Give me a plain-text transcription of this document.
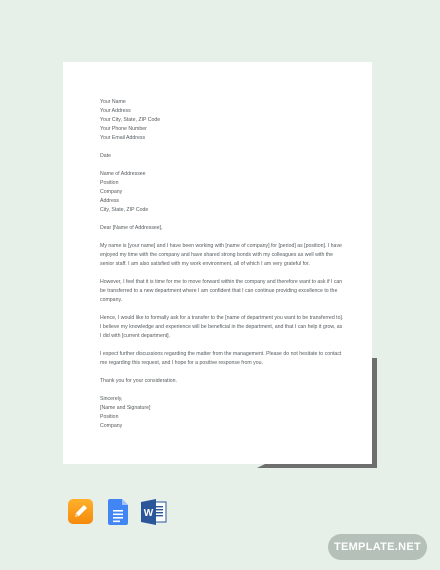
Your Name
Your Address
Your City, State, ZIP Code
Your Phone Number
Your Email Address

Date

Name of Addressee
Position
Company
Address
City, State, ZIP Code

Dear [Name of Addressee],

My name is [your name] and I have been working with [name of company] for [period] as [position]. I have enjoyed my time with the company and have shared strong bonds with my colleagues as well with the senior staff. I am also satisfied with my work environment, all of which I am very grateful for.

However, I feel that it is time for me to move forward within the company and therefore want to ask if I can be transferred to a new department where I am confident that I can continue providing excellence to the company.

Hence, I would like to formally ask for a transfer to the [name of department you want to be transferred to]. I believe my knowledge and experience will be beneficial in the department, and that I can help it grow, as I did with [current department].

I expect further discussions regarding the matter from the management. Please do not hesitate to contact me regarding this request, and I hope for a positive response from you.

Thank you for your consideration.

Sincerely,
[Name and Signature]
Position
Company

W
TEMPLATE.NET
